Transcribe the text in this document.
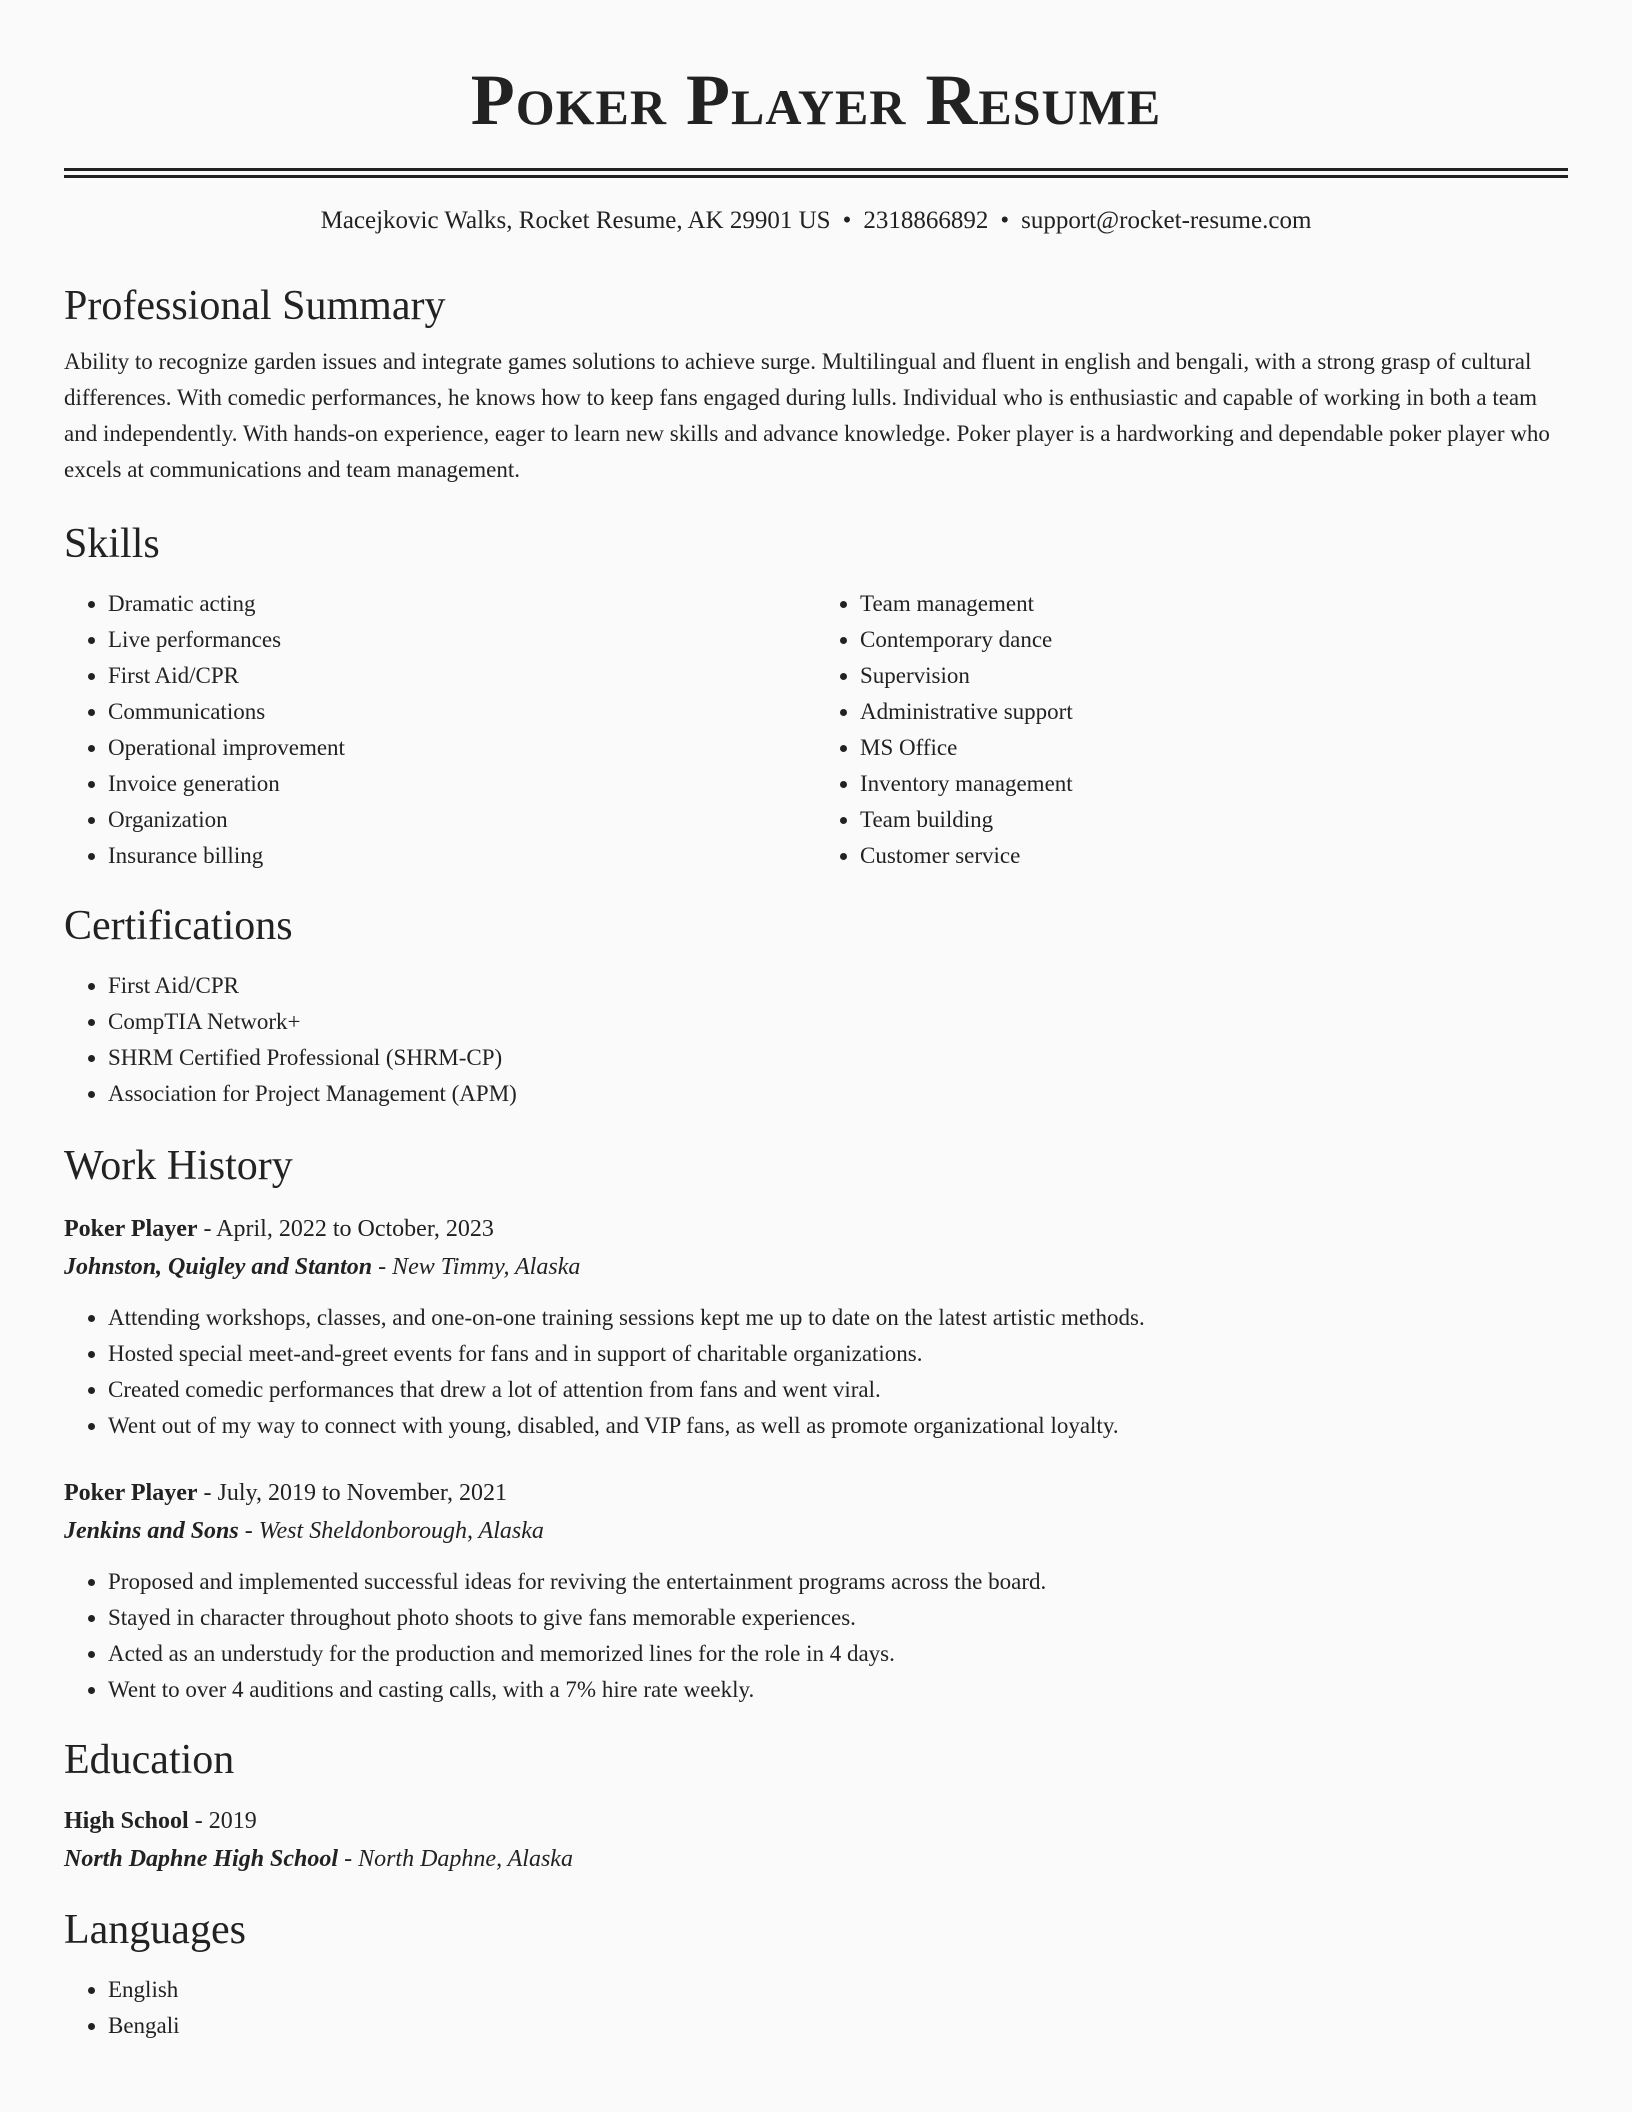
Poker Player Resume
Macejkovic Walks, Rocket Resume, AK 29901 US • 2318866892 • support@rocket-resume.com
Professional Summary

Ability to recognize garden issues and integrate games solutions to achieve surge. Multilingual and fluent in english and bengali, with a strong grasp of cultural differences. With comedic performances, he knows how to keep fans engaged during lulls. Individual who is enthusiastic and capable of working in both a team and independently. With hands-on experience, eager to learn new skills and advance knowledge. Poker player is a hardworking and dependable poker player who excels at communications and team management.

Skills
• Dramatic acting
• Live performances
• First Aid/CPR
• Communications
• Operational improvement
• Invoice generation
• Organization
• Insurance billing
• Team management
• Contemporary dance
• Supervision
• Administrative support
• MS Office
• Inventory management
• Team building
• Customer service
Certifications
• First Aid/CPR
• CompTIA Network+
• SHRM Certified Professional (SHRM-CP)
• Association for Project Management (APM)
Work History

Poker Player - April, 2022 to October, 2023

Johnston, Quigley and Stanton - New Timmy, Alaska

• Attending workshops, classes, and one-on-one training sessions kept me up to date on the latest artistic methods.
• Hosted special meet-and-greet events for fans and in support of charitable organizations.
• Created comedic performances that drew a lot of attention from fans and went viral.
• Went out of my way to connect with young, disabled, and VIP fans, as well as promote organizational loyalty.

Poker Player - July, 2019 to November, 2021

Jenkins and Sons - West Sheldonborough, Alaska

• Proposed and implemented successful ideas for reviving the entertainment programs across the board.
• Stayed in character throughout photo shoots to give fans memorable experiences.
• Acted as an understudy for the production and memorized lines for the role in 4 days.
• Went to over 4 auditions and casting calls, with a 7% hire rate weekly.
Education

High School - 2019

North Daphne High School - North Daphne, Alaska

Languages
• English
• Bengali
